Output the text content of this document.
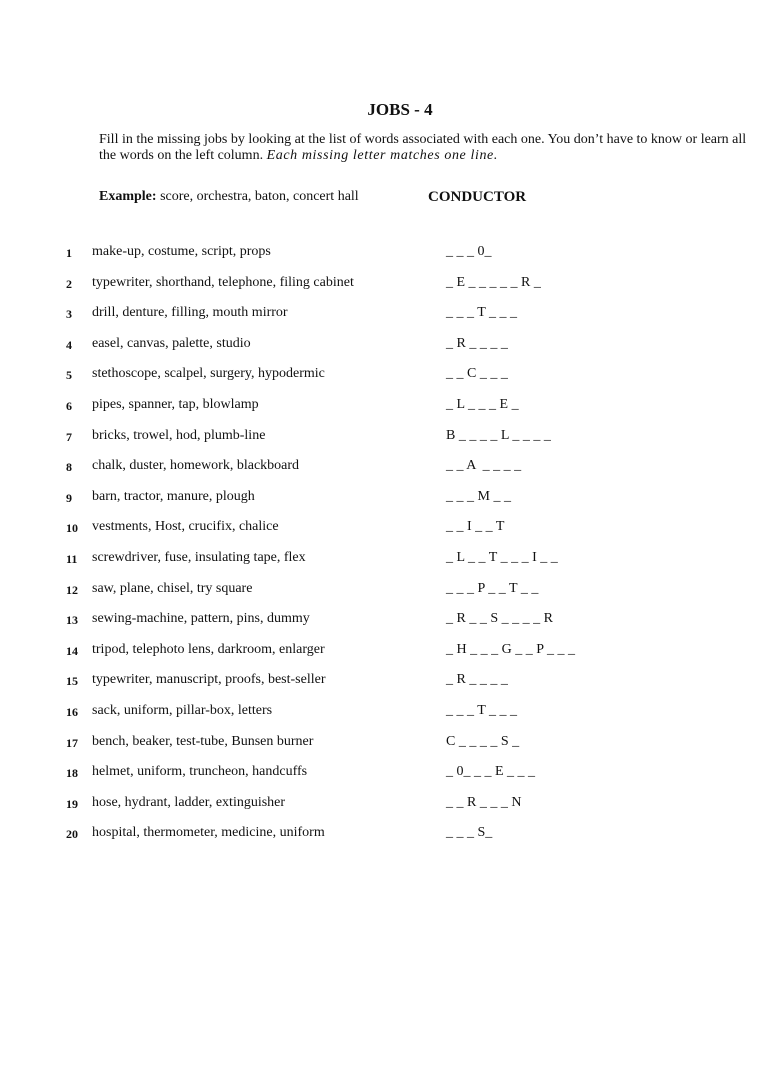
JOBS - 4
Fill in the missing jobs by looking at the list of words associated with each one. You don’t have to know or learn all the words on the left column. Each missing letter matches one line.
Example: score, orchestra, baton, concert hall	CONDUCTOR
1 make-up, costume, script, props	_ _ _ 0_
2 typewriter, shorthand, telephone, filing cabinet	_ E _ _ _ _ _ R _
3 drill, denture, filling, mouth mirror	_ _ _ T _ _ _
4 easel, canvas, palette, studio	_ R _ _ _ _
5 stethoscope, scalpel, surgery, hypodermic	_ _ C _ _ _
6 pipes, spanner, tap, blowlamp	_ L _ _ _ E _
7 bricks, trowel, hod, plumb-line	B _ _ _ _ L _ _ _ _
8 chalk, duster, homework, blackboard	_ _ A  _ _ _ _
9 barn, tractor, manure, plough	_ _ _ M _ _
10 vestments, Host, crucifix, chalice	_ _ I _ _ T
11 screwdriver, fuse, insulating tape, flex	_ L _ _ T _ _ _ I _ _
12 saw, plane, chisel, try square	_ _ _ P _ _ T _ _
13 sewing-machine, pattern, pins, dummy	_ R _ _ S _ _ _ _ R
14 tripod, telephoto lens, darkroom, enlarger	_ H _ _ _ G _ _ P _ _ _
15 typewriter, manuscript, proofs, best-seller	_ R _ _ _ _
16 sack, uniform, pillar-box, letters	_ _ _ T _ _ _
17 bench, beaker, test-tube, Bunsen burner	C _ _ _ _ S _
18 helmet, uniform, truncheon, handcuffs	_ 0_ _ _ E _ _ _
19 hose, hydrant, ladder, extinguisher	_ _ R _ _ _ N
20 hospital, thermometer, medicine, uniform	_ _ _ S_
